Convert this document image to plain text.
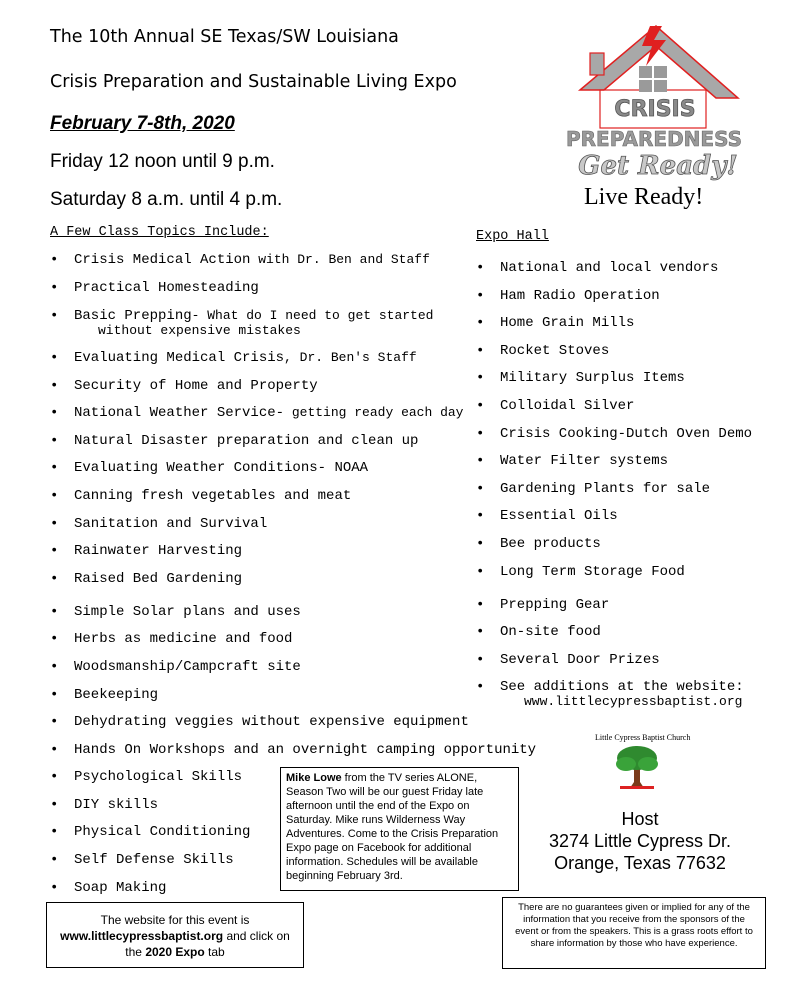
The 10th Annual SE Texas/SW Louisiana
Crisis Preparation and Sustainable Living Expo
February 7-8th, 2020
Friday 12 noon until 9 p.m.
Saturday 8 a.m. until 4 p.m.
CRISIS
PREPAREDNESS
Get Ready!
Live Ready!
A Few Class Topics Include:
• Crisis Medical Action with Dr. Ben and Staff
• Practical Homesteading
• Basic Prepping- What do I need to get started
without expensive mistakes
• Evaluating Medical Crisis, Dr. Ben's Staff
• Security of Home and Property
• National Weather Service- getting ready each day
• Natural Disaster preparation and clean up
• Evaluating Weather Conditions- NOAA
• Canning fresh vegetables and meat
• Sanitation and Survival
• Rainwater Harvesting
• Raised Bed Gardening
• Simple Solar plans and uses
• Herbs as medicine and food
• Woodsmanship/Campcraft site
• Beekeeping
• Dehydrating veggies without expensive equipment
• Hands On Workshops and an overnight camping opportunity
• Psychological Skills
• DIY skills
• Physical Conditioning
• Self Defense Skills
• Soap Making
Expo Hall
• National and local vendors
• Ham Radio Operation
• Home Grain Mills
• Rocket Stoves
• Military Surplus Items
• Colloidal Silver
• Crisis Cooking-Dutch Oven Demo
• Water Filter systems
• Gardening Plants for sale
• Essential Oils
• Bee products
• Long Term Storage Food
• Prepping Gear
• On-site food
• Several Door Prizes
• See additions at the website:
www.littlecypressbaptist.org
Little Cypress Baptist Church
Host
3274 Little Cypress Dr.
Orange, Texas 77632
Mike Lowe from the TV series ALONE, Season Two will be our guest Friday late afternoon until the end of the Expo on Saturday. Mike runs Wilderness Way Adventures. Come to the Crisis Preparation Expo page on Facebook for additional information. Schedules will be available beginning February 3rd.
The website for this event is
www.littlecypressbaptist.org and click on the 2020 Expo tab
There are no guarantees given or implied for any of the information that you receive from the sponsors of the event or from the speakers. This is a grass roots effort to share information by those who have experience.
